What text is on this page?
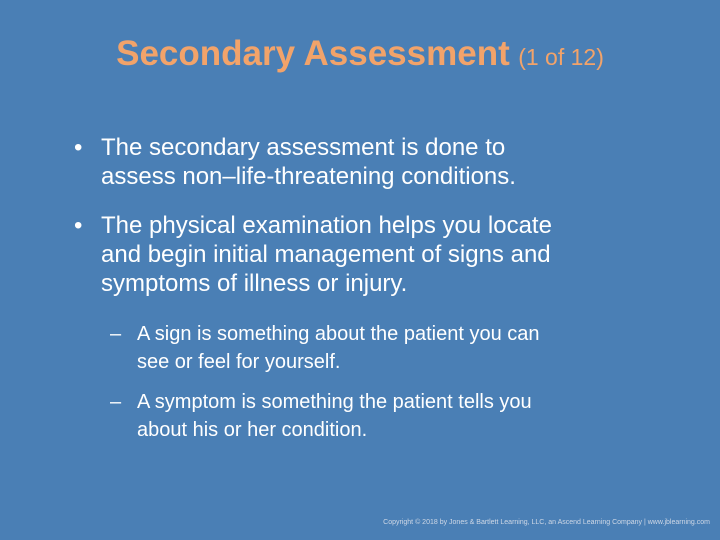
Secondary Assessment (1 of 12)
• The secondary assessment is done to
assess non–life-threatening conditions.
• The physical examination helps you locate
and begin initial management of signs and
symptoms of illness or injury.
– A sign is something about the patient you can
see or feel for yourself.
– A symptom is something the patient tells you
about his or her condition.
Copyright © 2018 by Jones & Bartlett Learning, LLC, an Ascend Learning Company | www.jblearning.com
